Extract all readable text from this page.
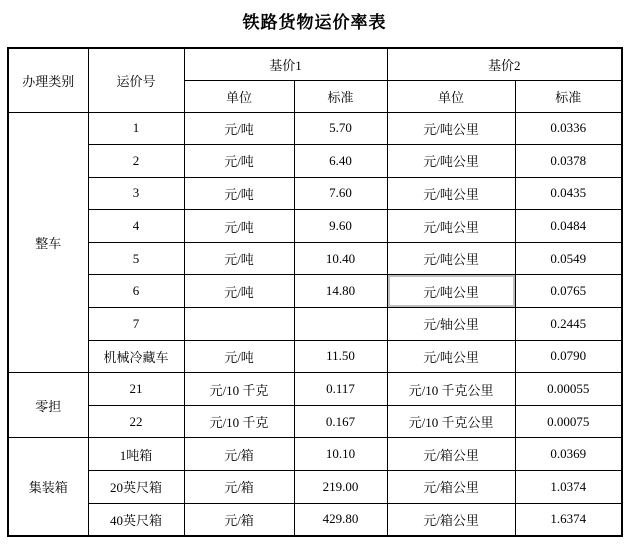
铁路货物运价率表
办理类别	运价号	基价1		基价2	
		单位	标准	单位	标准
整车	1	元/吨	5.70	元/吨公里	0.0336
	2	元/吨	6.40	元/吨公里	0.0378
	3	元/吨	7.60	元/吨公里	0.0435
	4	元/吨	9.60	元/吨公里	0.0484
	5	元/吨	10.40	元/吨公里	0.0549
	6	元/吨	14.80	元/吨公里	0.0765
	7			元/轴公里	0.2445
	机械冷藏车	元/吨	11.50	元/吨公里	0.0790
零担	21	元/10 千克	0.117	元/10 千克公里	0.00055
	22	元/10 千克	0.167	元/10 千克公里	0.00075
集装箱	1吨箱	元/箱	10.10	元/箱公里	0.0369
	20英尺箱	元/箱	219.00	元/箱公里	1.0374
	40英尺箱	元/箱	429.80	元/箱公里	1.6374
